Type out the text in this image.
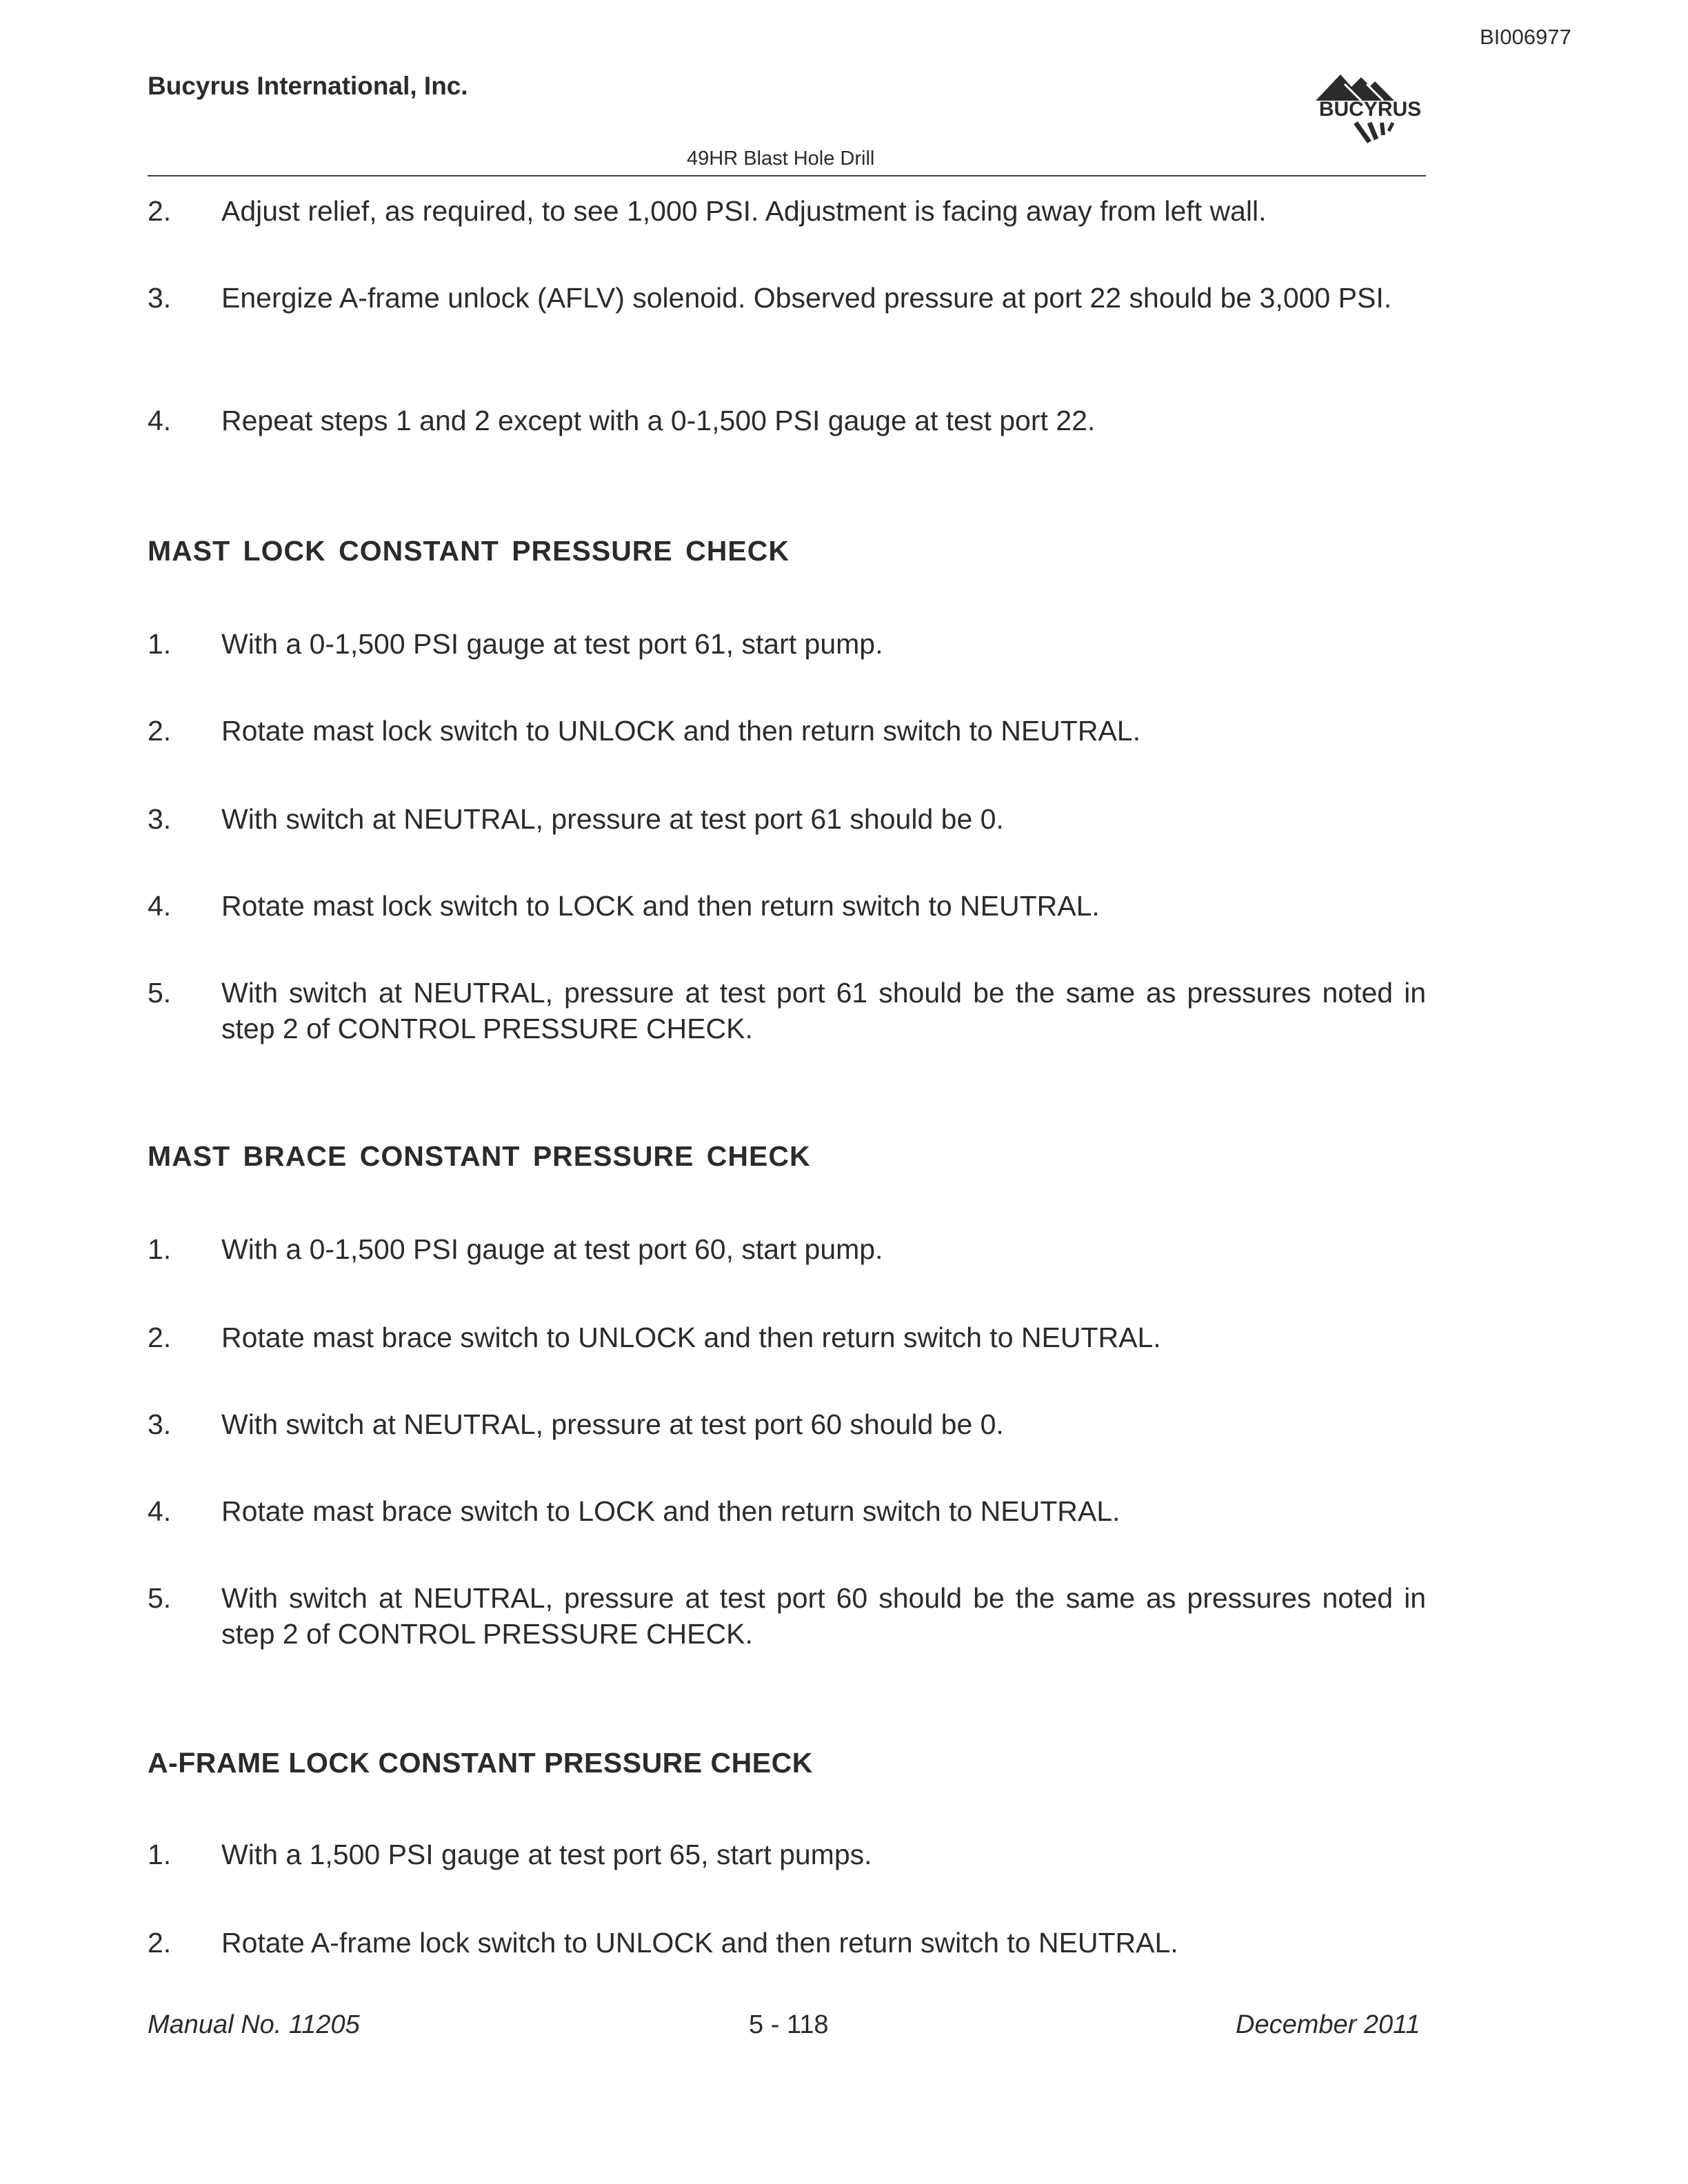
BI006977
Bucyrus International, Inc.
BUCYRUS
49HR Blast Hole Drill
2. Adjust relief, as required, to see 1,000 PSI. Adjustment is facing away from left wall.
3. Energize A-frame unlock (AFLV) solenoid. Observed pressure at port 22 should be 3,000 PSI.
4. Repeat steps 1 and 2 except with a 0-1,500 PSI gauge at test port 22.
MAST LOCK CONSTANT PRESSURE CHECK
1. With a 0-1,500 PSI gauge at test port 61, start pump.
2. Rotate mast lock switch to UNLOCK and then return switch to NEUTRAL.
3. With switch at NEUTRAL, pressure at test port 61 should be 0.
4. Rotate mast lock switch to LOCK and then return switch to NEUTRAL.
5. With switch at NEUTRAL, pressure at test port 61 should be the same as pressures noted in step 2 of CONTROL PRESSURE CHECK.
MAST BRACE CONSTANT PRESSURE CHECK
1. With a 0-1,500 PSI gauge at test port 60, start pump.
2. Rotate mast brace switch to UNLOCK and then return switch to NEUTRAL.
3. With switch at NEUTRAL, pressure at test port 60 should be 0.
4. Rotate mast brace switch to LOCK and then return switch to NEUTRAL.
5. With switch at NEUTRAL, pressure at test port 60 should be the same as pressures noted in step 2 of CONTROL PRESSURE CHECK.
A-FRAME LOCK CONSTANT PRESSURE CHECK
1. With a 1,500 PSI gauge at test port 65, start pumps.
2. Rotate A-frame lock switch to UNLOCK and then return switch to NEUTRAL.
Manual No. 11205	5 - 118	December 2011
